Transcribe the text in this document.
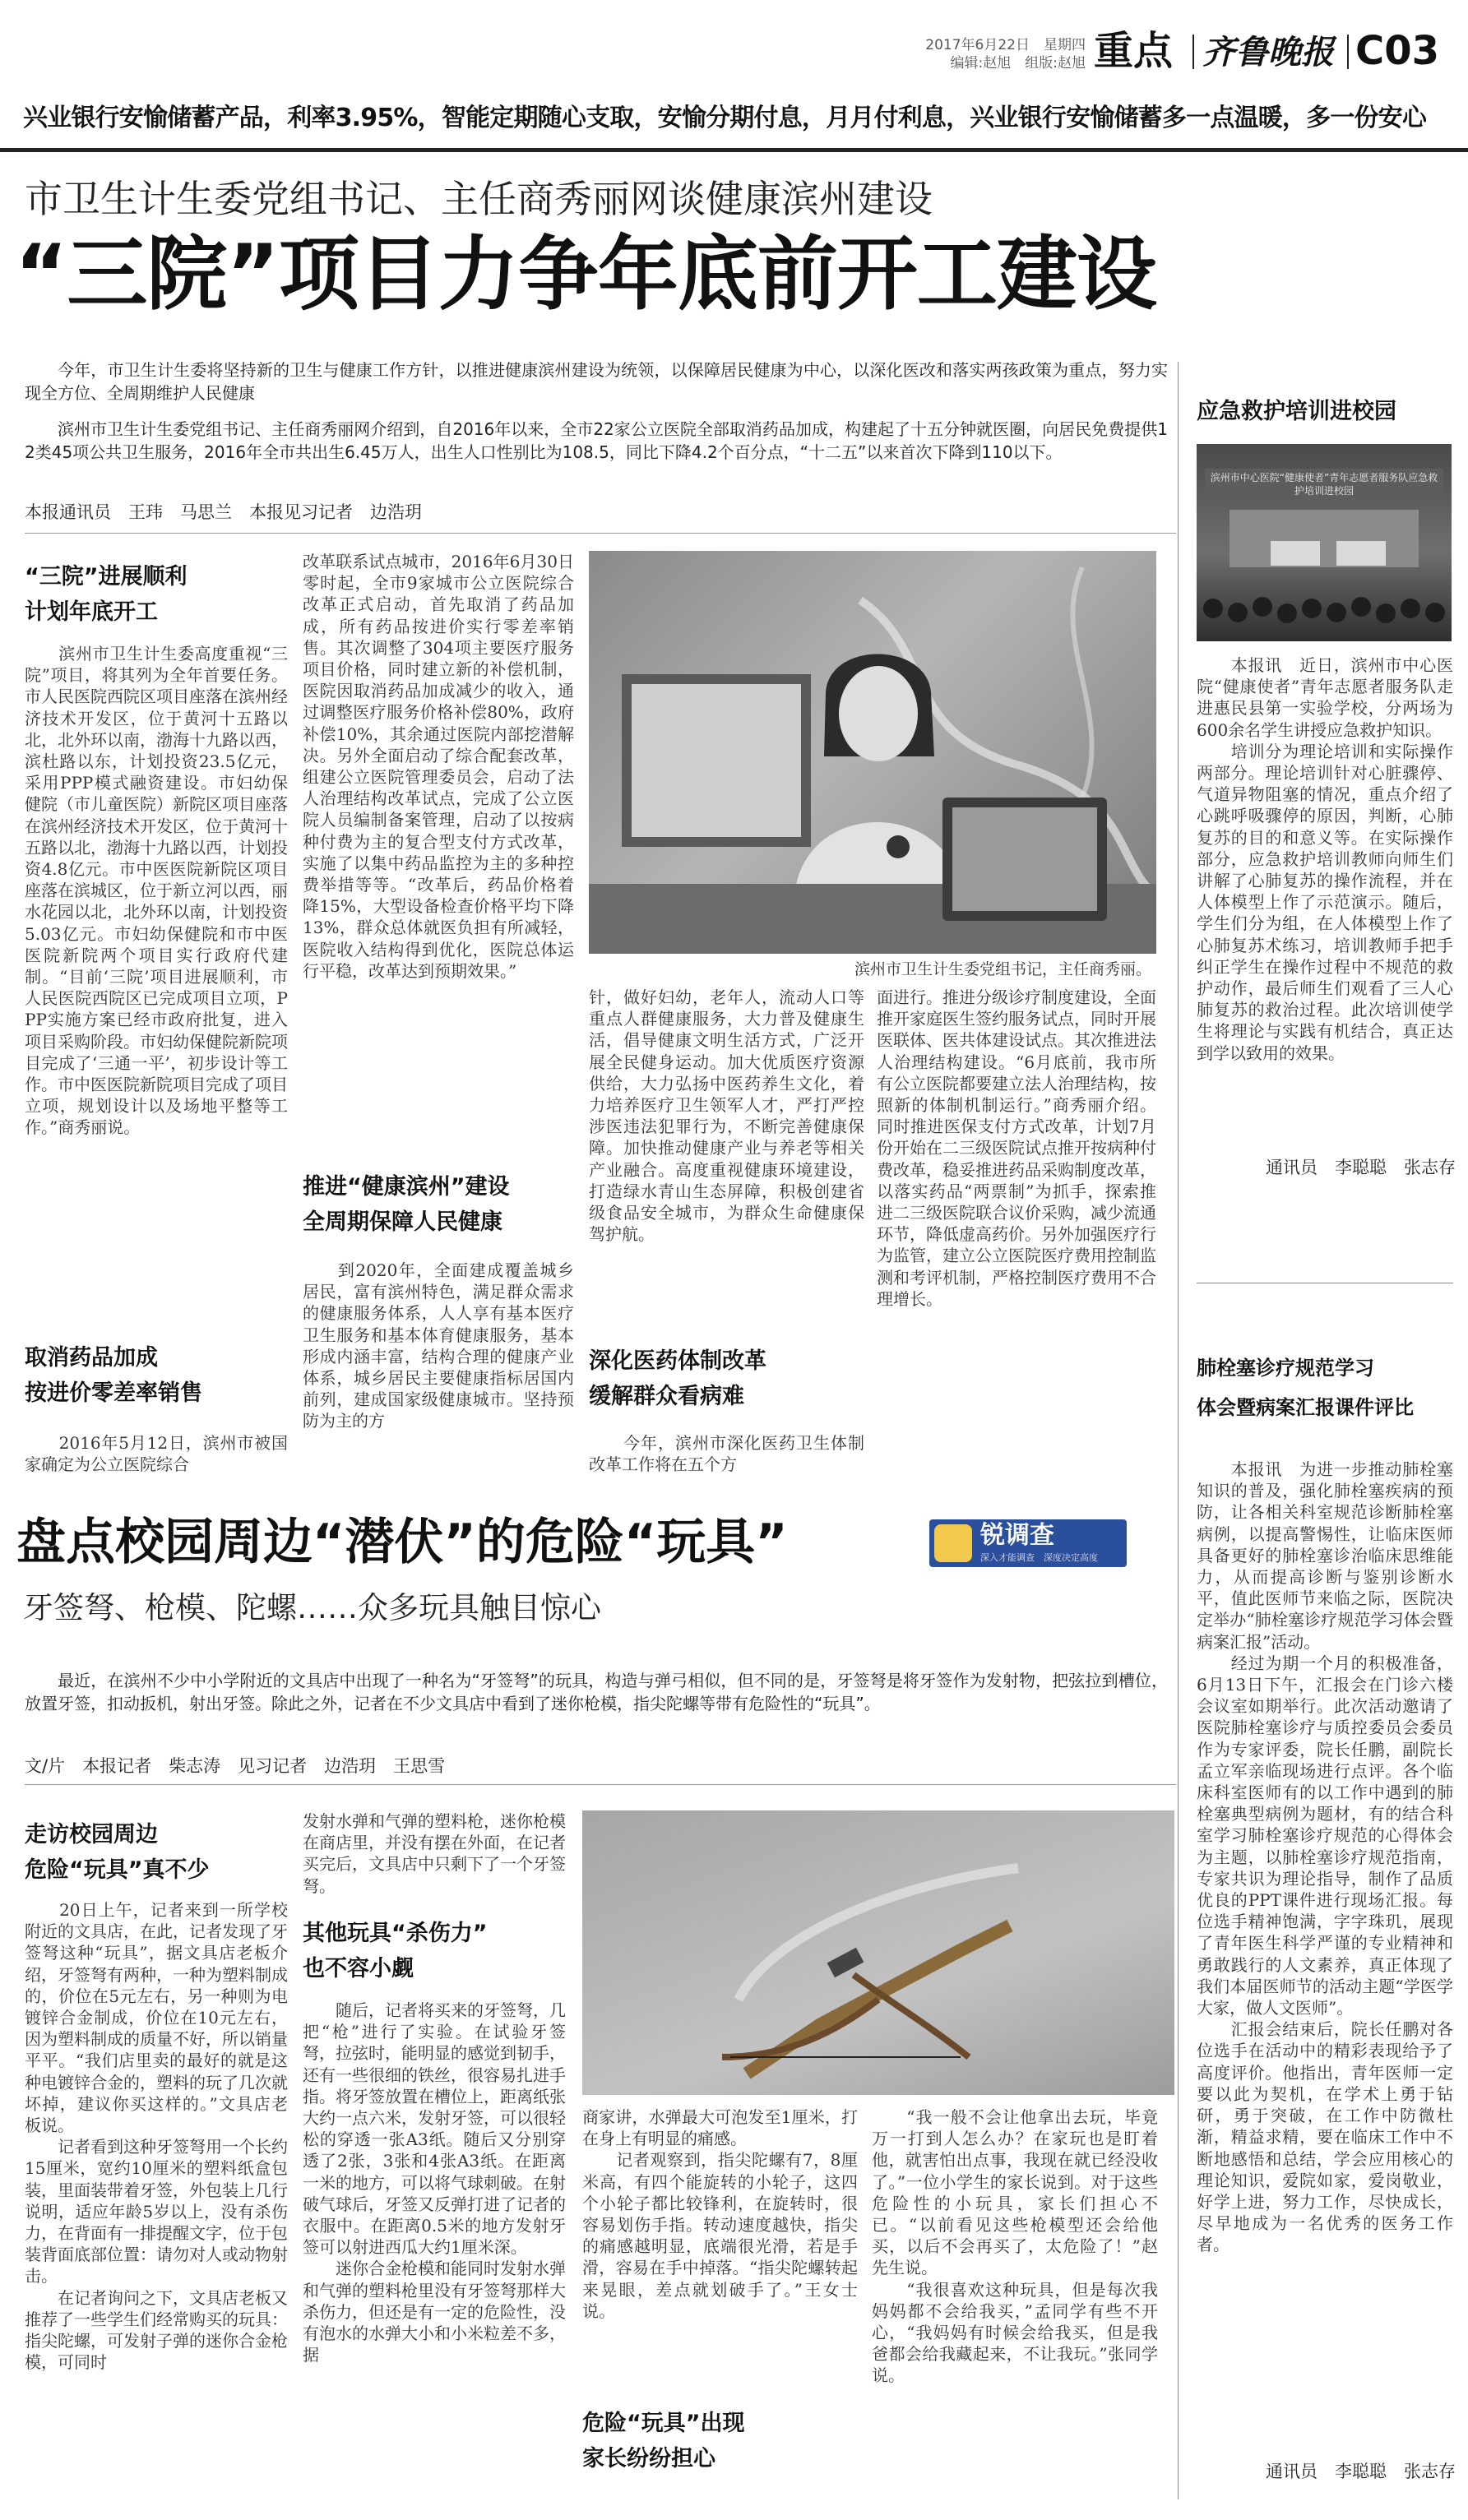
2017年6月22日　星期四
编辑:赵旭　组版:赵旭 重点 齐鲁晚报 C03
兴业银行安愉储蓄产品，利率3.95%，智能定期随心支取，安愉分期付息，月月付利息，兴业银行安愉储蓄多一点温暖，多一份安心
市卫生计生委党组书记、主任商秀丽网谈健康滨州建设
“三院”项目力争年底前开工建设
今年，市卫生计生委将坚持新的卫生与健康工作方针，以推进健康滨州建设为统领，以保障居民健康为中心，以深化医改和落实两孩政策为重点，努力实现全方位、全周期维护人民健康
滨州市卫生计生委党组书记、主任商秀丽网介绍到，自2016年以来，全市22家公立医院全部取消药品加成，构建起了十五分钟就医圈，向居民免费提供12类45项公共卫生服务，2016年全市共出生6.45万人，出生人口性别比为108.5，同比下降4.2个百分点，“十二五”以来首次下降到110以下。
本报通讯员　王玮　马思兰　本报见习记者　边浩玥
“三院”进展顺利
计划年底开工
　　滨州市卫生计生委高度重视“三院”项目，将其列为全年首要任务。市人民医院西院区项目座落在滨州经济技术开发区，位于黄河十五路以北，北外环以南，渤海十九路以西，滨杜路以东，计划投资23.5亿元，采用PPP模式融资建设。市妇幼保健院（市儿童医院）新院区项目座落在滨州经济技术开发区，位于黄河十五路以北，渤海十九路以西，计划投资4.8亿元。市中医医院新院区项目座落在滨城区，位于新立河以西，丽水花园以北，北外环以南，计划投资5.03亿元。市妇幼保健院和市中医医院新院两个项目实行政府代建制。“目前‘三院’项目进展顺利，市人民医院西院区已完成项目立项，PPP实施方案已经市政府批复，进入项目采购阶段。市妇幼保健院新院项目完成了‘三通一平’，初步设计等工作。市中医医院新院项目完成了项目立项，规划设计以及场地平整等工作。”商秀丽说。
取消药品加成
按进价零差率销售
　　2016年5月12日，滨州市被国家确定为公立医院综合
改革联系试点城市，2016年6月30日零时起，全市9家城市公立医院综合改革正式启动，首先取消了药品加成，所有药品按进价实行零差率销售。其次调整了304项主要医疗服务项目价格，同时建立新的补偿机制，医院因取消药品加成减少的收入，通过调整医疗服务价格补偿80%，政府补偿10%，其余通过医院内部挖潜解决。另外全面启动了综合配套改革，组建公立医院管理委员会，启动了法人治理结构改革试点，完成了公立医院人员编制备案管理，启动了以按病种付费为主的复合型支付方式改革，实施了以集中药品监控为主的多种控费举措等等。“改革后，药品价格着降15%，大型设备检查价格平均下降13%，群众总体就医负担有所减轻，医院收入结构得到优化，医院总体运行平稳，改革达到预期效果。”
推进“健康滨州”建设
全周期保障人民健康
　　到2020年，全面建成覆盖城乡居民，富有滨州特色，满足群众需求的健康服务体系，人人享有基本医疗卫生服务和基本体育健康服务，基本形成内涵丰富，结构合理的健康产业体系，城乡居民主要健康指标居国内前列，建成国家级健康城市。坚持预防为主的方
滨州市卫生计生委党组书记，主任商秀丽。
针，做好妇幼，老年人，流动人口等重点人群健康服务，大力普及健康生活，倡导健康文明生活方式，广泛开展全民健身运动。加大优质医疗资源供给，大力弘扬中医药养生文化，着力培养医疗卫生领军人才，严打严控涉医违法犯罪行为，不断完善健康保障。加快推动健康产业与养老等相关产业融合。高度重视健康环境建设，打造绿水青山生态屏障，积极创建省级食品安全城市，为群众生命健康保驾护航。
深化医药体制改革
缓解群众看病难
　　今年，滨州市深化医药卫生体制改革工作将在五个方
面进行。推进分级诊疗制度建设，全面推开家庭医生签约服务试点，同时开展医联体、医共体建设试点。其次推进法人治理结构建设。“6月底前，我市所有公立医院都要建立法人治理结构，按照新的体制机制运行。”商秀丽介绍。同时推进医保支付方式改革，计划7月份开始在二三级医院试点推开按病种付费改革，稳妥推进药品采购制度改革，以落实药品“两票制”为抓手，探索推进二三级医院联合议价采购，减少流通环节，降低虚高药价。另外加强医疗行为监管，建立公立医院医疗费用控制监测和考评机制，严格控制医疗费用不合理增长。
应急救护培训进校园
滨州市中心医院“健康使者”青年志愿者服务队应急救护培训进校园
　　本报讯　近日，滨州市中心医院“健康使者”青年志愿者服务队走进惠民县第一实验学校，分两场为600余名学生讲授应急救护知识。
　　培训分为理论培训和实际操作两部分。理论培训针对心脏骤停、气道异物阻塞的情况，重点介绍了心跳呼吸骤停的原因，判断，心肺复苏的目的和意义等。在实际操作部分，应急救护培训教师向师生们讲解了心肺复苏的操作流程，并在人体模型上作了示范演示。随后，学生们分为组，在人体模型上作了心肺复苏术练习，培训教师手把手纠正学生在操作过程中不规范的救护动作，最后师生们观看了三人心肺复苏的救治过程。此次培训使学生将理论与实践有机结合，真正达到学以致用的效果。
通讯员　李聪聪　张志存
肺栓塞诊疗规范学习
体会暨病案汇报课件评比
　　本报讯　为进一步推动肺栓塞知识的普及，强化肺栓塞疾病的预防，让各相关科室规范诊断肺栓塞病例，以提高警惕性，让临床医师具备更好的肺栓塞诊治临床思维能力，从而提高诊断与鉴别诊断水平，值此医师节来临之际，医院决定举办“肺栓塞诊疗规范学习体会暨病案汇报”活动。
　　经过为期一个月的积极准备，6月13日下午，汇报会在门诊六楼会议室如期举行。此次活动邀请了医院肺栓塞诊疗与质控委员会委员作为专家评委，院长任鹏，副院长孟立军亲临现场进行点评。各个临床科室医师有的以工作中遇到的肺栓塞典型病例为题材，有的结合科室学习肺栓塞诊疗规范的心得体会为主题，以肺栓塞诊疗规范指南，专家共识为理论指导，制作了品质优良的PPT课件进行现场汇报。每位选手精神饱满，字字珠玑，展现了青年医生科学严谨的专业精神和勇敢践行的人文素养，真正体现了我们本届医师节的活动主题“学医学大家，做人文医师”。
　　汇报会结束后，院长任鹏对各位选手在活动中的精彩表现给予了高度评价。他指出，青年医师一定要以此为契机，在学术上勇于钻研，勇于突破，在工作中防微杜渐，精益求精，要在临床工作中不断地感悟和总结，学会应用核心的理论知识，爱院如家，爱岗敬业，好学上进，努力工作，尽快成长，尽早地成为一名优秀的医务工作者。
通讯员　李聪聪　张志存
盘点校园周边“潜伏”的危险“玩具”	锐调查
深入才能调查　深度决定高度
牙签弩、枪模、陀螺……众多玩具触目惊心
最近，在滨州不少中小学附近的文具店中出现了一种名为“牙签弩”的玩具，构造与弹弓相似，但不同的是，牙签弩是将牙签作为发射物，把弦拉到槽位，放置牙签，扣动扳机，射出牙签。除此之外，记者在不少文具店中看到了迷你枪模，指尖陀螺等带有危险性的“玩具”。
文/片　本报记者　柴志涛　见习记者　边浩玥　王思雪
走访校园周边
危险“玩具”真不少
　　20日上午，记者来到一所学校附近的文具店，在此，记者发现了牙签弩这种“玩具”，据文具店老板介绍，牙签弩有两种，一种为塑料制成的，价位在5元左右，另一种则为电镀锌合金制成，价位在10元左右，因为塑料制成的质量不好，所以销量平平。“我们店里卖的最好的就是这种电镀锌合金的，塑料的玩了几次就坏掉，建议你买这样的。”文具店老板说。
　　记者看到这种牙签弩用一个长约15厘米，宽约10厘米的塑料纸盒包装，里面装带着牙签，外包装上几行说明，适应年龄5岁以上，没有杀伤力，在背面有一排提醒文字，位于包装背面底部位置：请勿对人或动物射击。
　　在记者询问之下，文具店老板又推荐了一些学生们经常购买的玩具：指尖陀螺，可发射子弹的迷你合金枪模，可同时
发射水弹和气弹的塑料枪，迷你枪模在商店里，并没有摆在外面，在记者买完后，文具店中只剩下了一个牙签弩。
其他玩具“杀伤力”
也不容小觑
　　随后，记者将买来的牙签弩，几把“枪”进行了实验。在试验牙签弩，拉弦时，能明显的感觉到韧手，还有一些很细的铁丝，很容易扎进手指。将牙签放置在槽位上，距离纸张大约一点六米，发射牙签，可以很轻松的穿透一张A3纸。随后又分别穿透了2张，3张和4张A3纸。在距离一米的地方，可以将气球刺破。在射破气球后，牙签又反弹打进了记者的衣服中。在距离0.5米的地方发射牙签可以射进西瓜大约1厘米深。
　　迷你合金枪模和能同时发射水弹和气弹的塑料枪里没有牙签弩那样大杀伤力，但还是有一定的危险性，没有泡水的水弹大小和小米粒差不多，据
商家讲，水弹最大可泡发至1厘米，打在身上有明显的痛感。
　　记者观察到，指尖陀螺有7，8厘米高，有四个能旋转的小轮子，这四个小轮子都比较锋利，在旋转时，很容易划伤手指。转动速度越快，指尖的痛感越明显，底端很光滑，若是手滑，容易在手中掉落。“指尖陀螺转起来晃眼，差点就划破手了。”王女士说。
危险“玩具”出现
家长纷纷担心
　　“我一般不会让他拿出去玩，毕竟万一打到人怎么办？在家玩也是盯着他，就害怕出点事，我现在就已经没收了。”一位小学生的家长说到。对于这些危险性的小玩具，家长们担心不已。“以前看见这些枪模型还会给他买，以后不会再买了，太危险了！”赵先生说。
　　“我很喜欢这种玩具，但是每次我妈妈都不会给我买，”孟同学有些不开心，“我妈妈有时候会给我买，但是我爸都会给我藏起来，不让我玩。”张同学说。
